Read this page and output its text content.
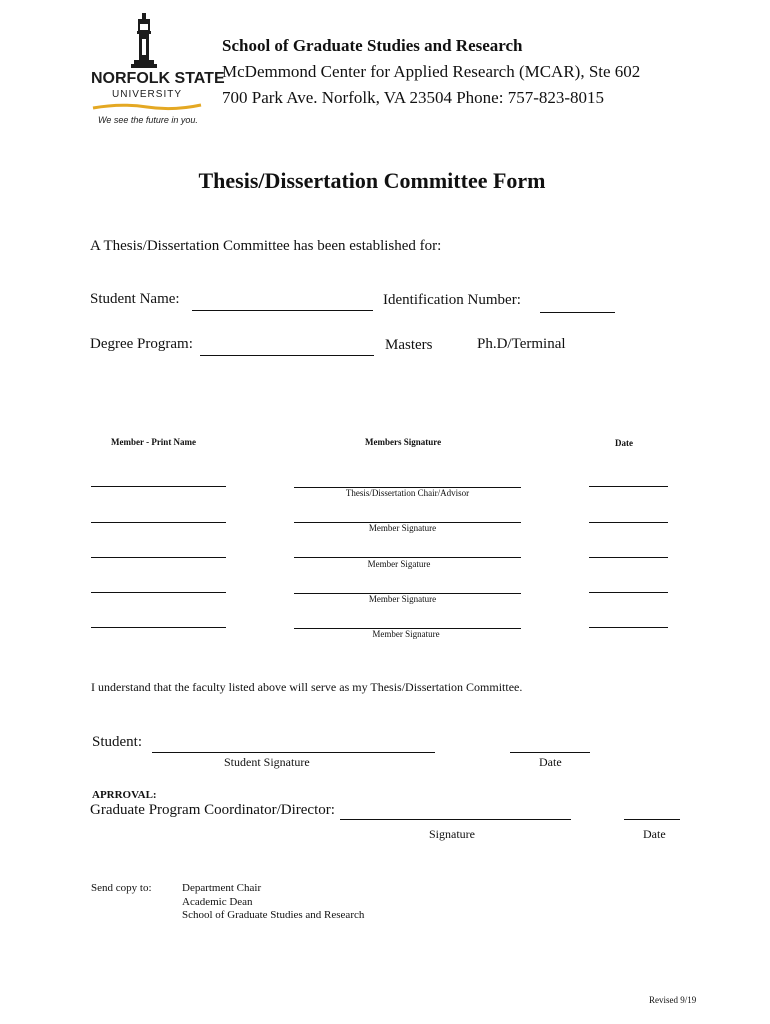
NORFOLK STATE
UNIVERSITY
We see the future in you.
School of Graduate Studies and Research
McDemmond Center for Applied Research (MCAR), Ste 602
700 Park Ave. Norfolk, VA 23504 Phone: 757-823-8015
Thesis/Dissertation Committee Form
A Thesis/Dissertation Committee has been established for:
Student Name:	Identification Number:
Degree Program:	Masters	Ph.D/Terminal
Member - Print Name	Members Signature	Date
Thesis/Dissertation Chair/Advisor
Member Signature
Member Sigature
Member Signature
Member Signature
I understand that the faculty listed above will serve as my Thesis/Dissertation Committee.
Student:
Student Signature	Date
APRROVAL:
Graduate Program Coordinator/Director:
Signature	Date
Send copy to:	Department Chair
Academic Dean
School of Graduate Studies and Research
Revised 9/19
